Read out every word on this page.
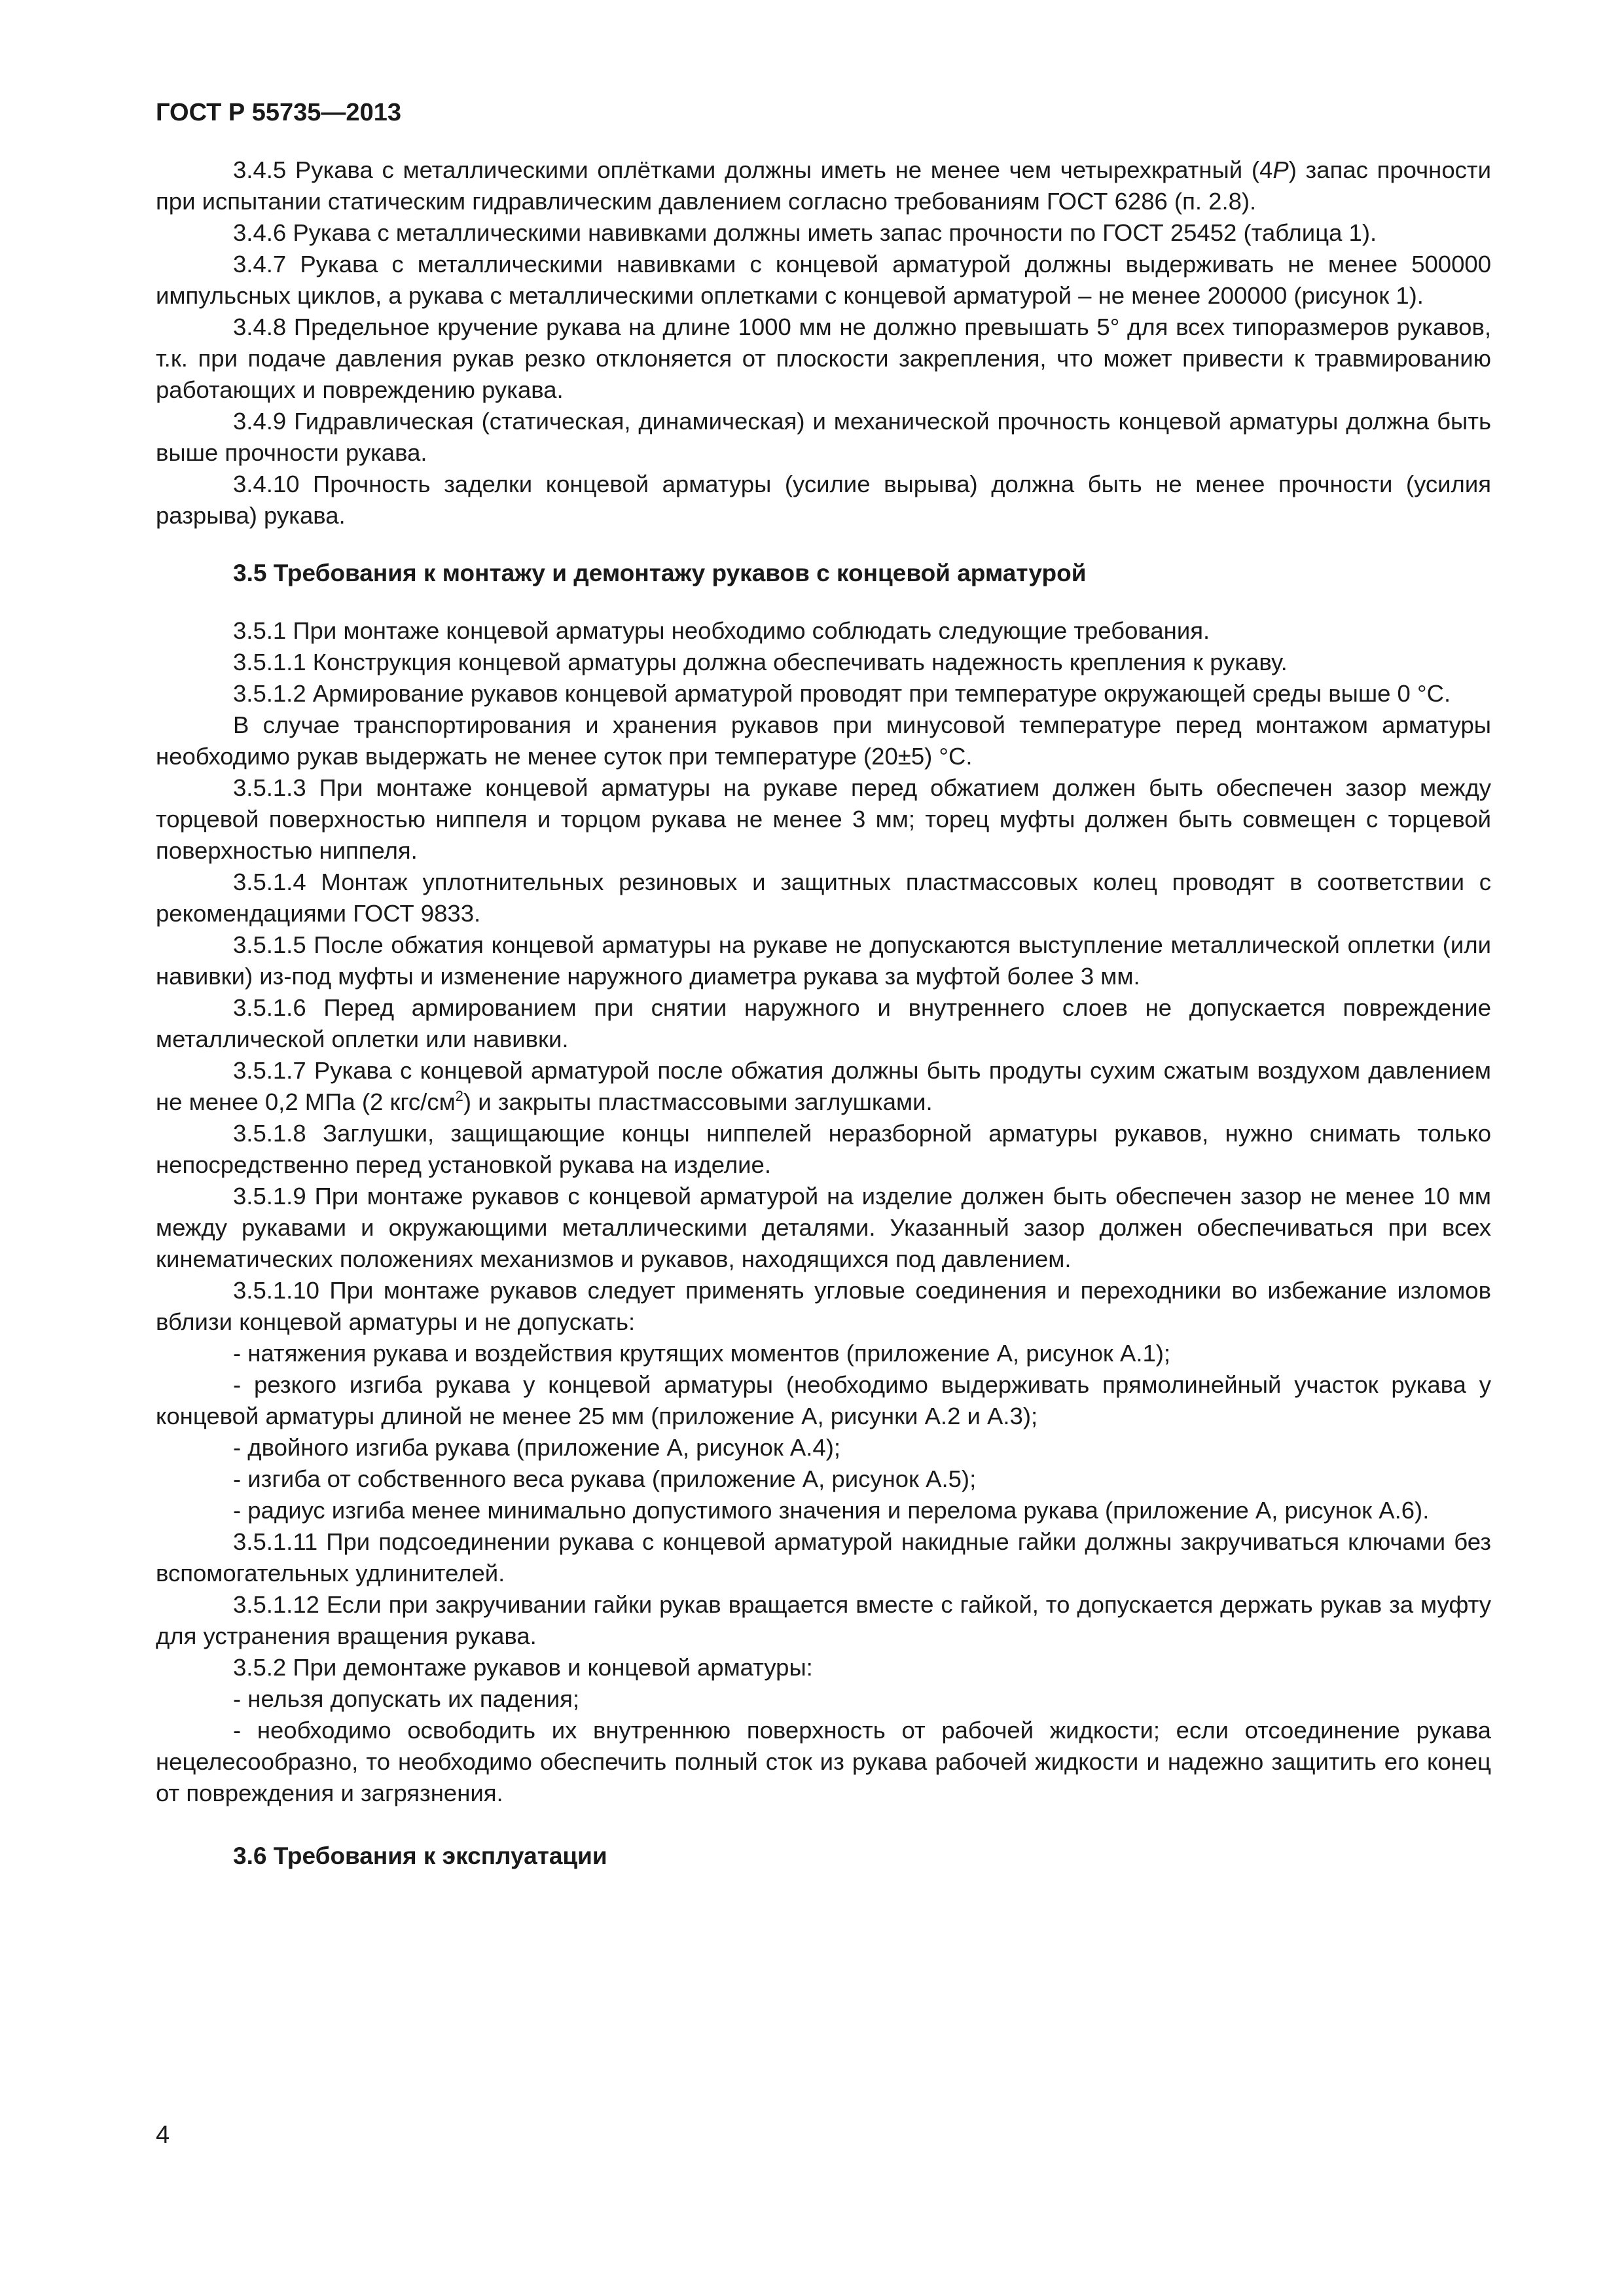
ГОСТ Р 55735—2013

3.4.5 Рукава с металлическими оплётками должны иметь не менее чем четырехкратный (4P) запас прочности при испытании статическим гидравлическим давлением согласно требованиям ГОСТ 6286 (п. 2.8).

3.4.6 Рукава с металлическими навивками должны иметь запас прочности по ГОСТ 25452 (таблица 1).

3.4.7 Рукава с металлическими навивками с концевой арматурой должны выдерживать не менее 500000 импульсных циклов, а рукава с металлическими оплетками с концевой арматурой – не менее 200000 (рисунок 1).

3.4.8 Предельное кручение рукава на длине 1000 мм не должно превышать 5° для всех типоразмеров рукавов, т.к. при подаче давления рукав резко отклоняется от плоскости закрепления, что может привести к травмированию работающих и повреждению рукава.

3.4.9 Гидравлическая (статическая, динамическая) и механической прочность концевой арматуры должна быть выше прочности рукава.

3.4.10 Прочность заделки концевой арматуры (усилие вырыва) должна быть не менее прочности (усилия разрыва) рукава.

3.5 Требования к монтажу и демонтажу рукавов с концевой арматурой

3.5.1 При монтаже концевой арматуры необходимо соблюдать следующие требования.

3.5.1.1 Конструкция концевой арматуры должна обеспечивать надежность крепления к рукаву.

3.5.1.2 Армирование рукавов концевой арматурой проводят при температуре окружающей среды выше 0 °С.

В случае транспортирования и хранения рукавов при минусовой температуре перед монтажом арматуры необходимо рукав выдержать не менее суток при температуре (20±5) °С.

3.5.1.3 При монтаже концевой арматуры на рукаве перед обжатием должен быть обеспечен зазор между торцевой поверхностью ниппеля и торцом рукава не менее 3 мм; торец муфты должен быть совмещен с торцевой поверхностью ниппеля.

3.5.1.4 Монтаж уплотнительных резиновых и защитных пластмассовых колец проводят в соответствии с рекомендациями ГОСТ 9833.

3.5.1.5 После обжатия концевой арматуры на рукаве не допускаются выступление металлической оплетки (или навивки) из-под муфты и изменение наружного диаметра рукава за муфтой более 3 мм.

3.5.1.6 Перед армированием при снятии наружного и внутреннего слоев не допускается повреждение металлической оплетки или навивки.

3.5.1.7 Рукава с концевой арматурой после обжатия должны быть продуты сухим сжатым воздухом давлением не менее 0,2 МПа (2 кгс/$см^2$) и закрыты пластмассовыми заглушками.

3.5.1.8 Заглушки, защищающие концы ниппелей неразборной арматуры рукавов, нужно снимать только непосредственно перед установкой рукава на изделие.

3.5.1.9 При монтаже рукавов с концевой арматурой на изделие должен быть обеспечен зазор не менее 10 мм между рукавами и окружающими металлическими деталями. Указанный зазор должен обеспечиваться при всех кинематических положениях механизмов и рукавов, находящихся под давлением.

3.5.1.10 При монтаже рукавов следует применять угловые соединения и переходники во избежание изломов вблизи концевой арматуры и не допускать:

- натяжения рукава и воздействия крутящих моментов (приложение А, рисунок А.1);

- резкого изгиба рукава у концевой арматуры (необходимо выдерживать прямолинейный участок рукава у концевой арматуры длиной не менее 25 мм (приложение А, рисунки А.2 и А.3);

- двойного изгиба рукава (приложение А, рисунок А.4);

- изгиба от собственного веса рукава (приложение А, рисунок А.5);

- радиус изгиба менее минимально допустимого значения и перелома рукава (приложение А, рисунок А.6).

3.5.1.11 При подсоединении рукава с концевой арматурой накидные гайки должны закручиваться ключами без вспомогательных удлинителей.

3.5.1.12 Если при закручивании гайки рукав вращается вместе с гайкой, то допускается держать рукав за муфту для устранения вращения рукава.

3.5.2 При демонтаже рукавов и концевой арматуры:

- нельзя допускать их падения;

- необходимо освободить их внутреннюю поверхность от рабочей жидкости; если отсоединение рукава нецелесообразно, то необходимо обеспечить полный сток из рукава рабочей жидкости и надежно защитить его конец от повреждения и загрязнения.

3.6 Требования к эксплуатации
4
